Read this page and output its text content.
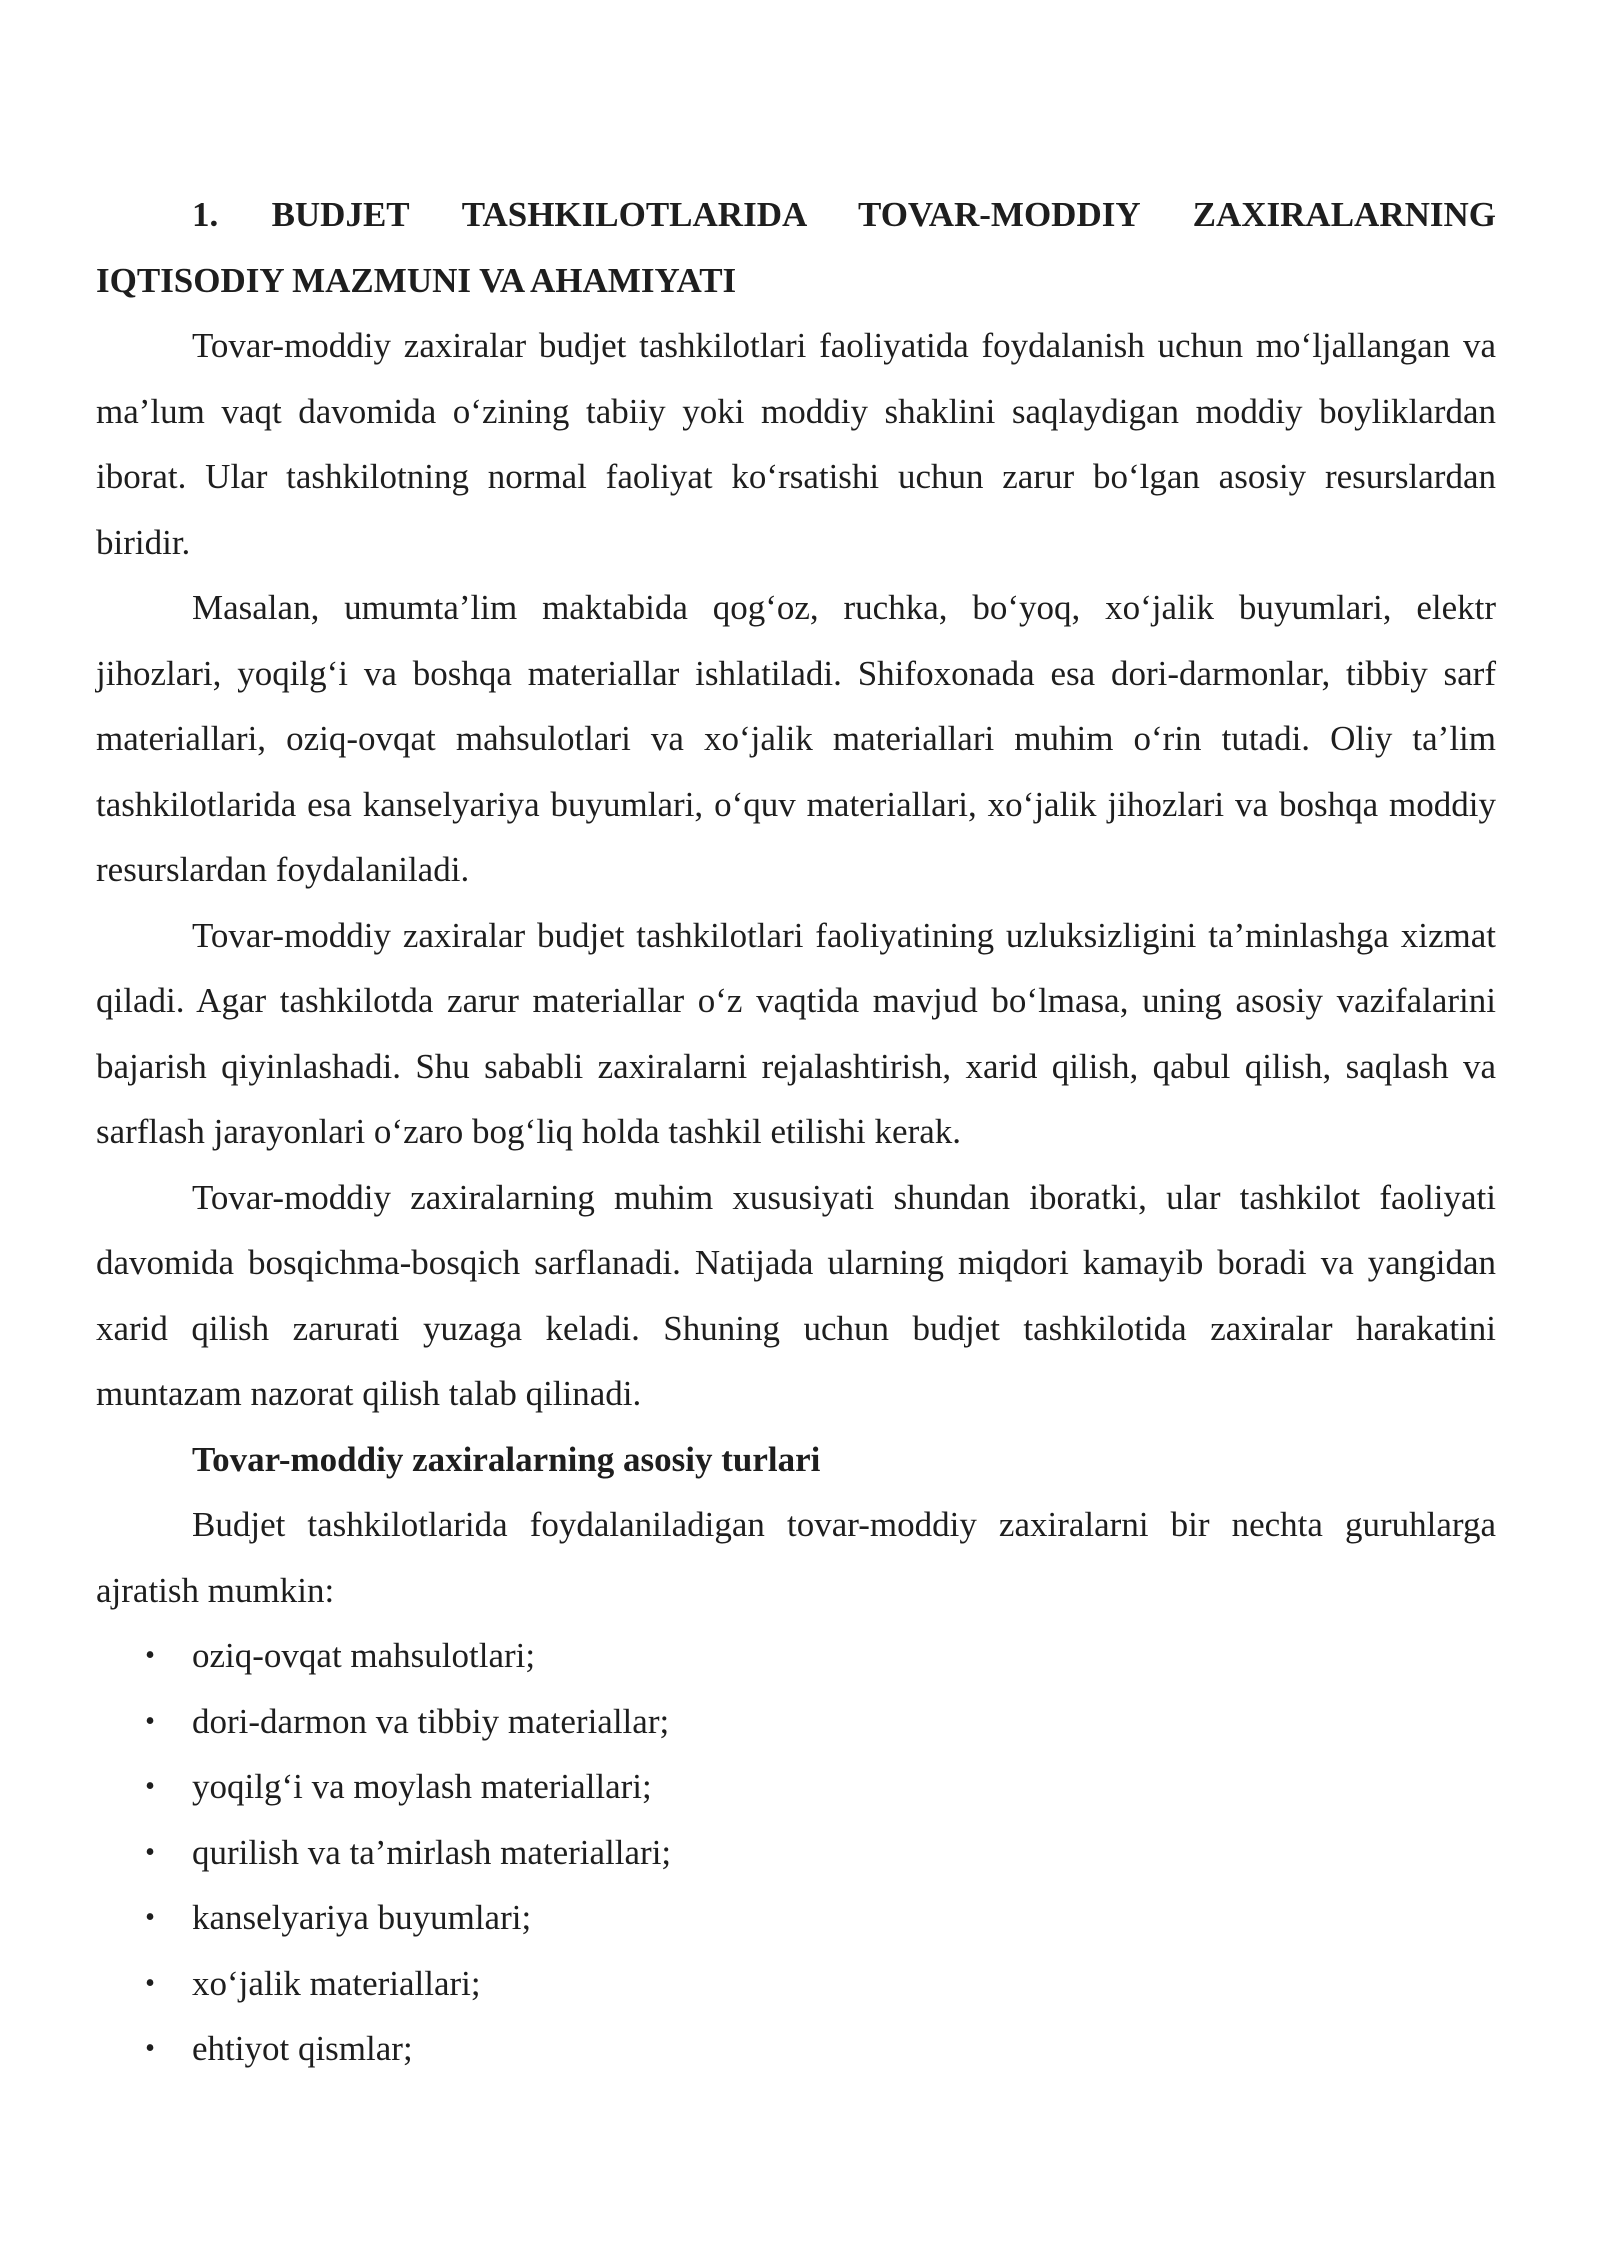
1. BUDJET TASHKILOTLARIDA TOVAR-MODDIY ZAXIRALARNING IQTISODIY MAZMUNI VA AHAMIYATI

Tovar-moddiy zaxiralar budjet tashkilotlari faoliyatida foydalanish uchun mo‘ljallangan va ma’lum vaqt davomida o‘zining tabiiy yoki moddiy shaklini saqlaydigan moddiy boyliklardan iborat. Ular tashkilotning normal faoliyat ko‘rsatishi uchun zarur bo‘lgan asosiy resurslardan biridir.

Masalan, umumta’lim maktabida qog‘oz, ruchka, bo‘yoq, xo‘jalik buyumlari, elektr jihozlari, yoqilg‘i va boshqa materiallar ishlatiladi. Shifoxonada esa dori-darmonlar, tibbiy sarf materiallari, oziq-ovqat mahsulotlari va xo‘jalik materiallari muhim o‘rin tutadi. Oliy ta’lim tashkilotlarida esa kanselyariya buyumlari, o‘quv materiallari, xo‘jalik jihozlari va boshqa moddiy resurslardan foydalaniladi.

Tovar-moddiy zaxiralar budjet tashkilotlari faoliyatining uzluksizligini ta’minlashga xizmat qiladi. Agar tashkilotda zarur materiallar o‘z vaqtida mavjud bo‘lmasa, uning asosiy vazifalarini bajarish qiyinlashadi. Shu sababli zaxiralarni rejalashtirish, xarid qilish, qabul qilish, saqlash va sarflash jarayonlari o‘zaro bog‘liq holda tashkil etilishi kerak.

Tovar-moddiy zaxiralarning muhim xususiyati shundan iboratki, ular tashkilot faoliyati davomida bosqichma-bosqich sarflanadi. Natijada ularning miqdori kamayib boradi va yangidan xarid qilish zarurati yuzaga keladi. Shuning uchun budjet tashkilotida zaxiralar harakatini muntazam nazorat qilish talab qilinadi.

Tovar-moddiy zaxiralarning asosiy turlari

Budjet tashkilotlarida foydalaniladigan tovar-moddiy zaxiralarni bir nechta guruhlarga ajratish mumkin:

• oziq-ovqat mahsulotlari;
• dori-darmon va tibbiy materiallar;
• yoqilg‘i va moylash materiallari;
• qurilish va ta’mirlash materiallari;
• kanselyariya buyumlari;
• xo‘jalik materiallari;
• ehtiyot qismlar;
